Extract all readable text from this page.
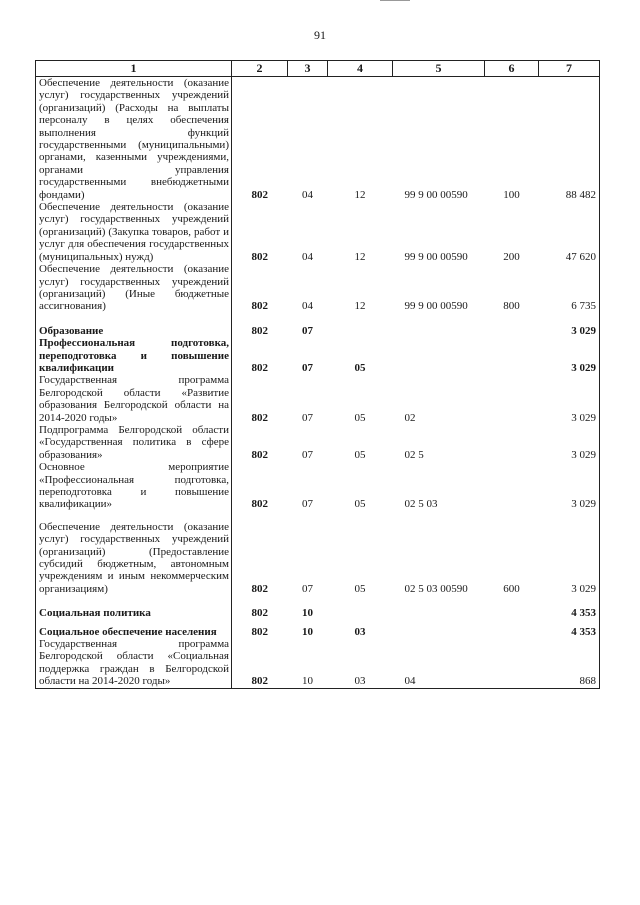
91
1	2	3	4	5	6	7
Обеспечение деятельности (оказание услуг) государственных учреждений (организаций) (Расходы на выплаты персоналу в целях обеспечения выполнения функций государственными (муниципальными) органами, казенными учреждениями, органами управления государственными внебюджетными фондами)	802	04	12	99 9 00 00590	100	88 482
Обеспечение деятельности (оказание услуг) государственных учреждений (организаций) (Закупка товаров, работ и услуг для обеспечения государственных (муниципальных) нужд)	802	04	12	99 9 00 00590	200	47 620
Обеспечение деятельности (оказание услуг) государственных учреждений (организаций) (Иные бюджетные ассигнования)	802	04	12	99 9 00 00590	800	6 735

Образование	802	07				3 029
Профессиональная подготовка, переподготовка и повышение квалификации	802	07	05			3 029
Государственная программа Белгородской области «Развитие образования Белгородской области на 2014-2020 годы»	802	07	05	02		3 029
Подпрограмма Белгородской области «Государственная политика в сфере образования»	802	07	05	02 5		3 029
Основное мероприятие «Профессиональная подготовка, переподготовка и повышение квалификации»	802	07	05	02 5 03		3 029
Обеспечение деятельности (оказание услуг) государственных учреждений (организаций) (Предоставление субсидий бюджетным, автономным учреждениям и иным некоммерческим организациям)	802	07	05	02 5 03 00590	600	3 029

Социальная политика	802	10				4 353
Социальное обеспечение населения	802	10	03			4 353
Государственная программа Белгородской области «Социальная поддержка граждан в Белгородской области на 2014-2020 годы»	802	10	03	04		868
